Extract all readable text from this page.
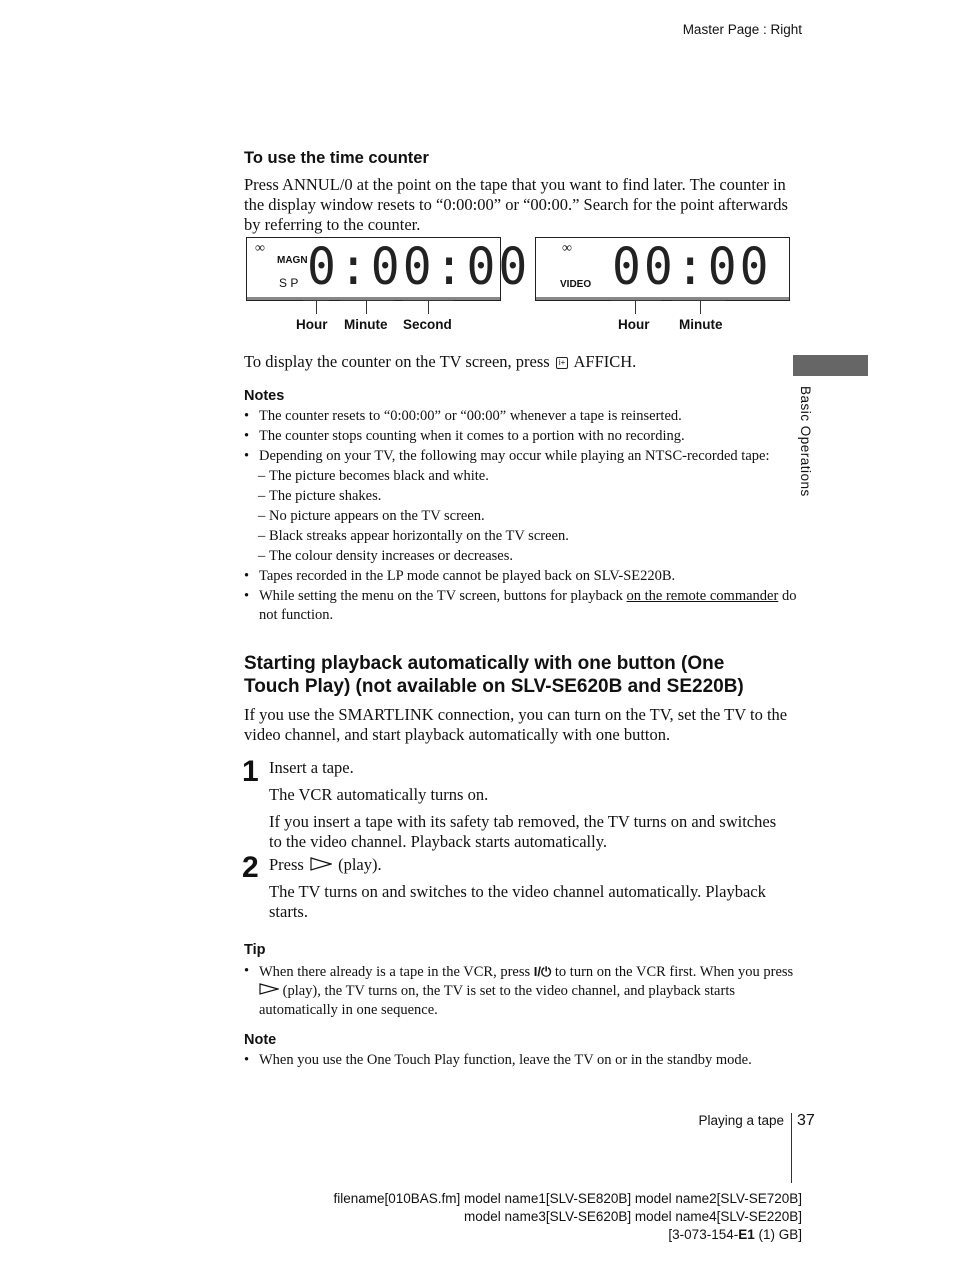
Master Page : Right
To use the time counter
Press ANNUL/0 at the point on the tape that you want to find later. The counter in the display window resets to “0:00:00” or “00:00.” Search for the point afterwards by referring to the counter.
∞
MAGN
S P 0:00:00
Hour Minute Second
∞
VIDEO 00:00
Hour Minute
To display the counter on the TV screen, press i+ AFFICH.
Basic Operations
Notes
• The counter resets to “0:00:00” or “00:00” whenever a tape is reinserted.
• The counter stops counting when it comes to a portion with no recording.
• Depending on your TV, the following may occur while playing an NTSC-recorded tape:
– The picture becomes black and white.
– The picture shakes.
– No picture appears on the TV screen.
– Black streaks appear horizontally on the TV screen.
– The colour density increases or decreases.
• Tapes recorded in the LP mode cannot be played back on SLV-SE220B.
• While setting the menu on the TV screen, buttons for playback on the remote commander do not function.
Starting playback automatically with one button (One Touch Play) (not available on SLV-SE620B and SE220B)
If you use the SMARTLINK connection, you can turn on the TV, set the TV to the video channel, and start playback automatically with one button.
1 Insert a tape.
The VCR automatically turns on.
If you insert a tape with its safety tab removed, the TV turns on and switches to the video channel. Playback starts automatically.
2 Press (play).
The TV turns on and switches to the video channel automatically. Playback starts.
Tip
• When there already is a tape in the VCR, press I/⏻ to turn on the VCR first. When you press  (play), the TV turns on, the TV is set to the video channel, and playback starts automatically in one sequence.
Note
• When you use the One Touch Play function, leave the TV on or in the standby mode.
Playing a tape 37
filename[010BAS.fm] model name1[SLV-SE820B] model name2[SLV-SE720B]
model name3[SLV-SE620B] model name4[SLV-SE220B]
[3-073-154-E1 (1) GB]
